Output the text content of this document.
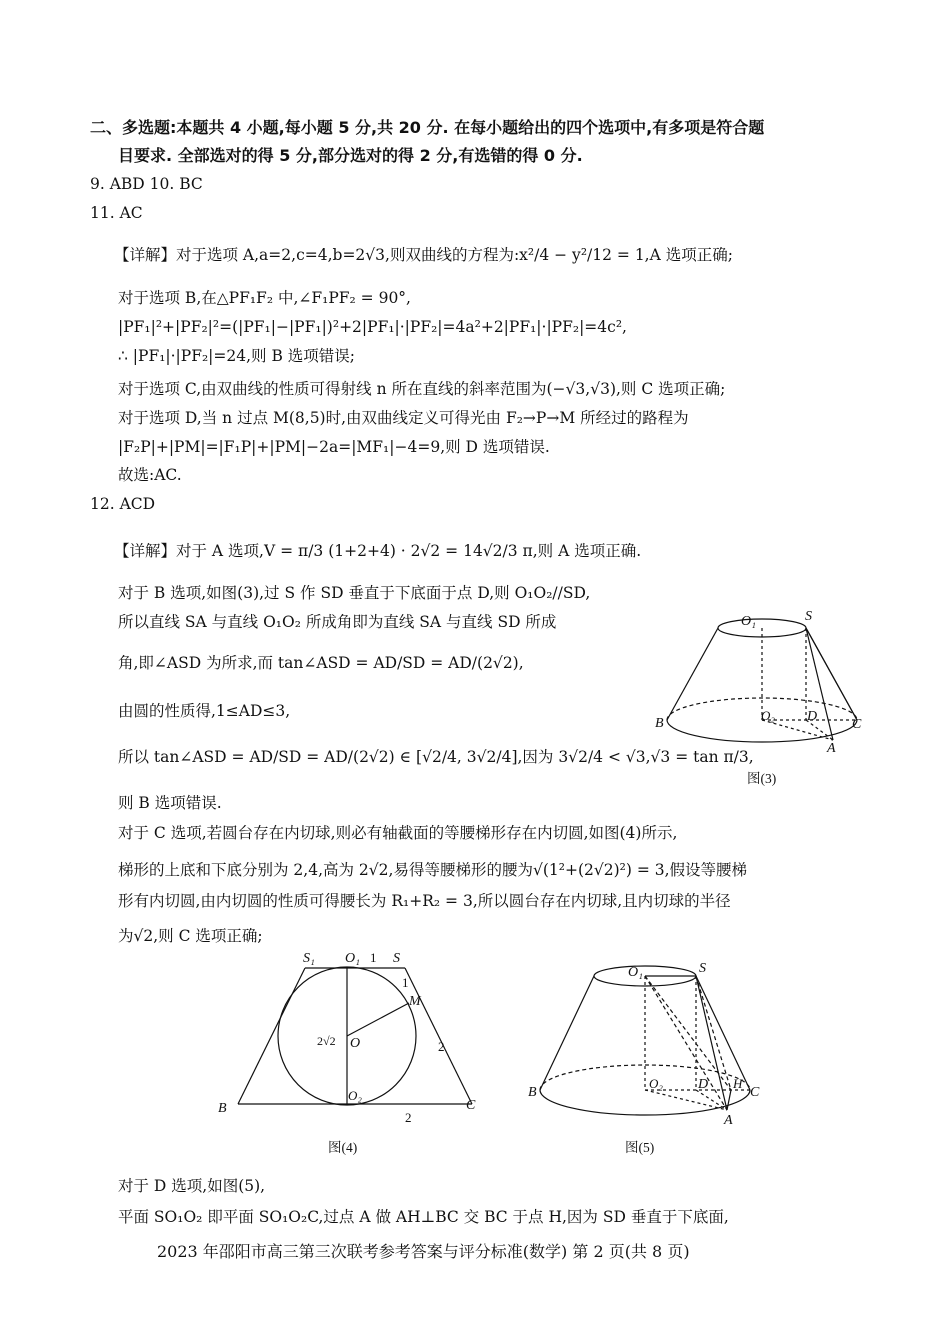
二、多选题:本题共 4 小题,每小题 5 分,共 20 分. 在每小题给出的四个选项中,有多项是符合题
目要求. 全部选对的得 5 分,部分选对的得 2 分,有选错的得 0 分.
9. ABD 10. BC
11. AC
【详解】对于选项 A,a=2,c=4,b=2√3,则双曲线的方程为:x²/4 − y²/12 = 1,A 选项正确;
对于选项 B,在△PF₁F₂ 中,∠F₁PF₂ = 90°,
|PF₁|²+|PF₂|²=(|PF₁|−|PF₁|)²+2|PF₁|·|PF₂|=4a²+2|PF₁|·|PF₂|=4c²,
∴ |PF₁|·|PF₂|=24,则 B 选项错误;
对于选项 C,由双曲线的性质可得射线 n 所在直线的斜率范围为(−√3,√3),则 C 选项正确;
对于选项 D,当 n 过点 M(8,5)时,由双曲线定义可得光由 F₂→P→M 所经过的路程为
|F₂P|+|PM|=|F₁P|+|PM|−2a=|MF₁|−4=9,则 D 选项错误.
故选:AC.
12. ACD
【详解】对于 A 选项,V = π/3 (1+2+4) · 2√2 = 14√2/3 π,则 A 选项正确.
对于 B 选项,如图(3),过 S 作 SD 垂直于下底面于点 D,则 O₁O₂//SD,
所以直线 SA 与直线 O₁O₂ 所成角即为直线 SA 与直线 SD 所成
角,即∠ASD 为所求,而 tan∠ASD = AD/SD = AD/(2√2),
由圆的性质得,1≤AD≤3,
所以 tan∠ASD = AD/SD = AD/(2√2) ∈ [√2/4, 3√2/4],因为 3√2/4 < √3,√3 = tan π/3,
则 B 选项错误.
对于 C 选项,若圆台存在内切球,则必有轴截面的等腰梯形存在内切圆,如图(4)所示,
梯形的上底和下底分别为 2,4,高为 2√2,易得等腰梯形的腰为√(1²+(2√2)²) = 3,假设等腰梯
形有内切圆,由内切圆的性质可得腰长为 R₁+R₂ = 3,所以圆台存在内切球,且内切球的半径
为√2,则 C 选项正确;
对于 D 选项,如图(5),
平面 SO₁O₂ 即平面 SO₁O₂C,过点 A 做 AH⊥BC 交 BC 于点 H,因为 SD 垂直于下底面,
O₁	S
B
O₂ D
C
A
图(3)
S₁ O₁ 1 S
1
M
2√2 O	2
B
O₂
C
2
图(4)
O₁	S
B
O₂	D H
C
A
图(5)
2023 年邵阳市高三第三次联考参考答案与评分标准(数学) 第 2 页(共 8 页)
